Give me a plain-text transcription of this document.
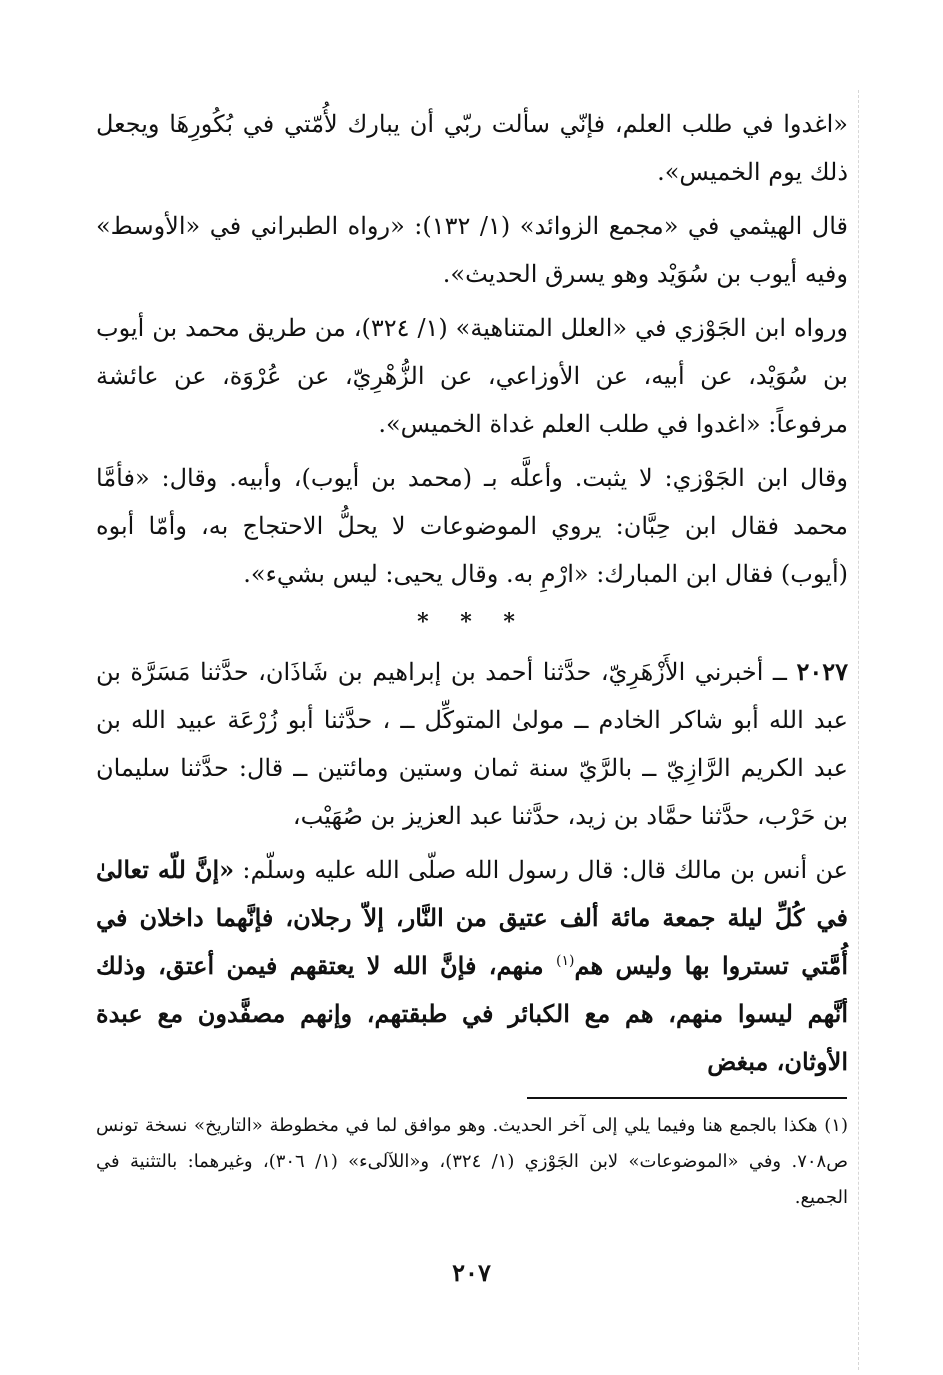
«اغدوا في طلب العلم، فإنّي سألت ربّي أن يبارك لأُمّتي في بُكُورِهَا ويجعل ذلك يوم الخميس».

قال الهيثمي في «مجمع الزوائد» (١/ ١٣٢): «رواه الطبراني في «الأوسط» وفيه أيوب بن سُوَيْد وهو يسرق الحديث».

ورواه ابن الجَوْزي في «العلل المتناهية» (١/ ٣٢٤)، من طريق محمد بن أيوب بن سُوَيْد، عن أبيه، عن الأوزاعي، عن الزُّهْرِيّ، عن عُرْوَة، عن عائشة مرفوعاً: «اغدوا في طلب العلم غداة الخميس».

وقال ابن الجَوْزي: لا يثبت. وأعلَّه بـ (محمد بن أيوب)، وأبيه. وقال: «فأمَّا محمد فقال ابن حِبَّان: يروي الموضوعات لا يحلُّ الاحتجاج به، وأمّا أبوه (أيوب) فقال ابن المبارك: «ارْمِ به. وقال يحيى: ليس بشيء».

* * *

٢٠٢٧ ــ أخبرني الأَزْهَرِيّ، حدَّثنا أحمد بن إبراهيم بن شَاذَان، حدَّثنا مَسَرَّة بن عبد الله أبو شاكر الخادم ــ مولىٰ المتوكِّل ــ ، حدَّثنا أبو زُرْعَة عبيد الله بن عبد الكريم الرَّازِيّ ــ بالرَّيّ سنة ثمان وستين ومائتين ــ قال: حدَّثنا سليمان بن حَرْب، حدَّثنا حمَّاد بن زيد، حدَّثنا عبد العزيز بن صُهَيْب،

عن أنس بن مالك قال: قال رسول الله صلّى الله عليه وسلّم: «إنَّ للّه تعالىٰ في كُلِّ ليلة جمعة مائة ألف عتيق من النَّار، إلاّ رجلان، فإنَّهما داخلان في أُمَّتي تستروا بها وليس هم$^{(١)}$ منهم، فإنَّ الله لا يعتقهم فيمن أعتق، وذلك أنَّهم ليسوا منهم، هم مع الكبائر في طبقتهم، وإنهم مصفَّدون مع عبدة الأوثان، مبغض

(١) هكذا بالجمع هنا وفيما يلي إلى آخر الحديث. وهو موافق لما في مخطوطة «التاريخ» نسخة تونس ص٧٠٨. وفي «الموضوعات» لابن الجَوْزي (١/ ٣٢٤)، و«اللآلىء» (١/ ٣٠٦)، وغيرهما: بالتثنية في الجميع.

٢٠٧
